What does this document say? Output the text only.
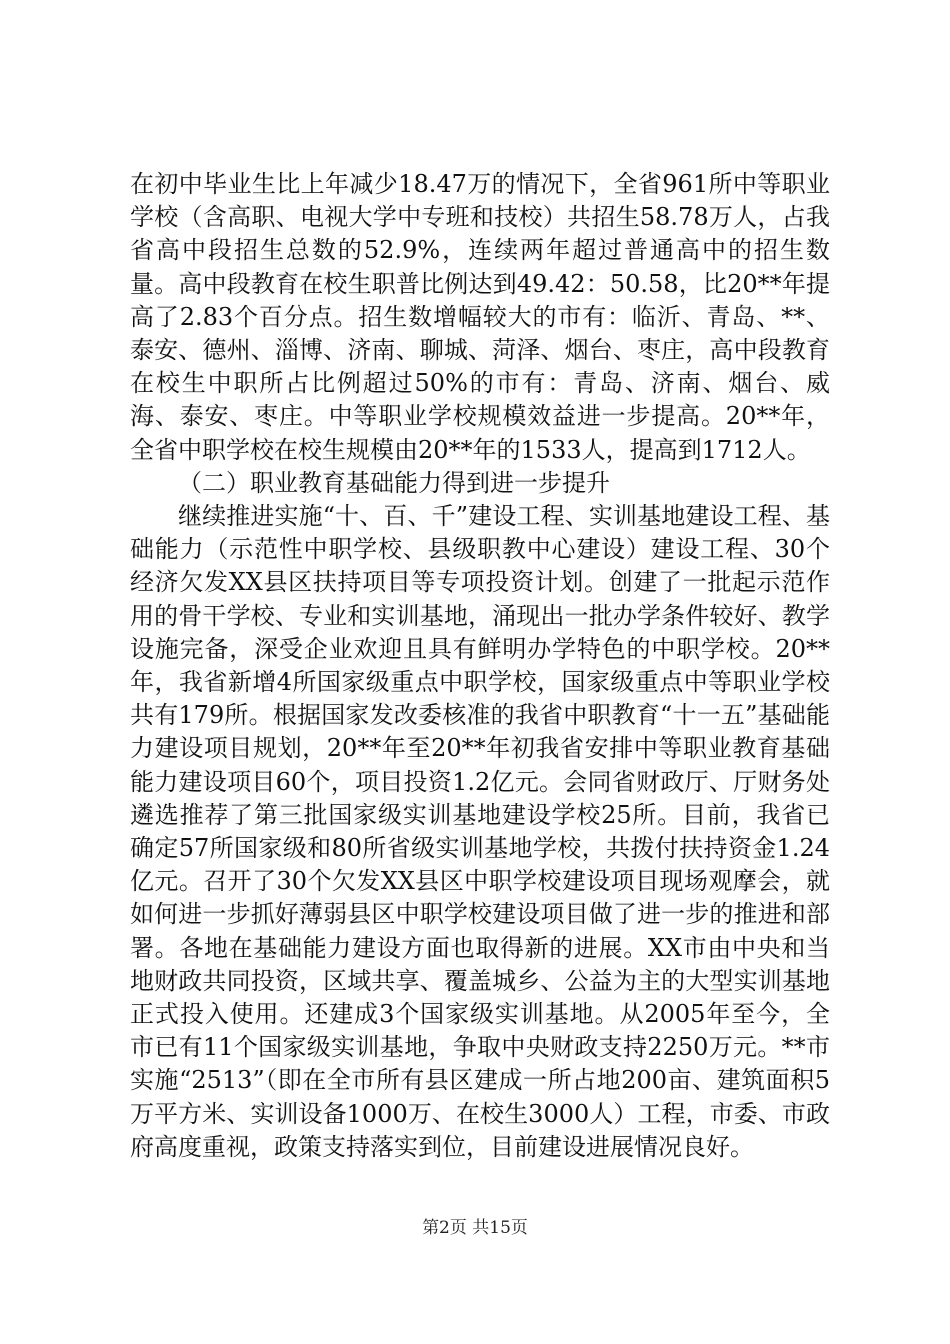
在初中毕业生比上年减少18.47万的情况下，全省961所中等职业学校（含高职、电视大学中专班和技校）共招生58.78万人，占我省高中段招生总数的52.9%，连续两年超过普通高中的招生数量。高中段教育在校生职普比例达到49.42：50.58，比20**年提高了2.83个百分点。招生数增幅较大的市有：临沂、青岛、**、泰安、德州、淄博、济南、聊城、菏泽、烟台、枣庄，高中段教育在校生中职所占比例超过50%的市有：青岛、济南、烟台、威海、泰安、枣庄。中等职业学校规模效益进一步提高。20**年，全省中职学校在校生规模由20**年的1533人，提高到1712人。

（二）职业教育基础能力得到进一步提升

继续推进实施“十、百、千”建设工程、实训基地建设工程、基础能力（示范性中职学校、县级职教中心建设）建设工程、30个经济欠发XX县区扶持项目等专项投资计划。创建了一批起示范作用的骨干学校、专业和实训基地，涌现出一批办学条件较好、教学设施完备，深受企业欢迎且具有鲜明办学特色的中职学校。20**年，我省新增4所国家级重点中职学校，国家级重点中等职业学校共有179所。根据国家发改委核准的我省中职教育“十一五”基础能力建设项目规划，20**年至20**年初我省安排中等职业教育基础能力建设项目60个，项目投资1.2亿元。会同省财政厅、厅财务处遴选推荐了第三批国家级实训基地建设学校25所。目前，我省已确定57所国家级和80所省级实训基地学校，共拨付扶持资金1.24亿元。召开了30个欠发XX县区中职学校建设项目现场观摩会，就如何进一步抓好薄弱县区中职学校建设项目做了进一步的推进和部署。各地在基础能力建设方面也取得新的进展。XX市由中央和当地财政共同投资，区域共享、覆盖城乡、公益为主的大型实训基地正式投入使用。还建成3个国家级实训基地。从2005年至今，全市已有11个国家级实训基地，争取中央财政支持2250万元。**市实施“2513”（即在全市所有县区建成一所占地200亩、建筑面积5万平方米、实训设备1000万、在校生3000人）工程，市委、市政府高度重视，政策支持落实到位，目前建设进展情况良好。

第2页 共15页
